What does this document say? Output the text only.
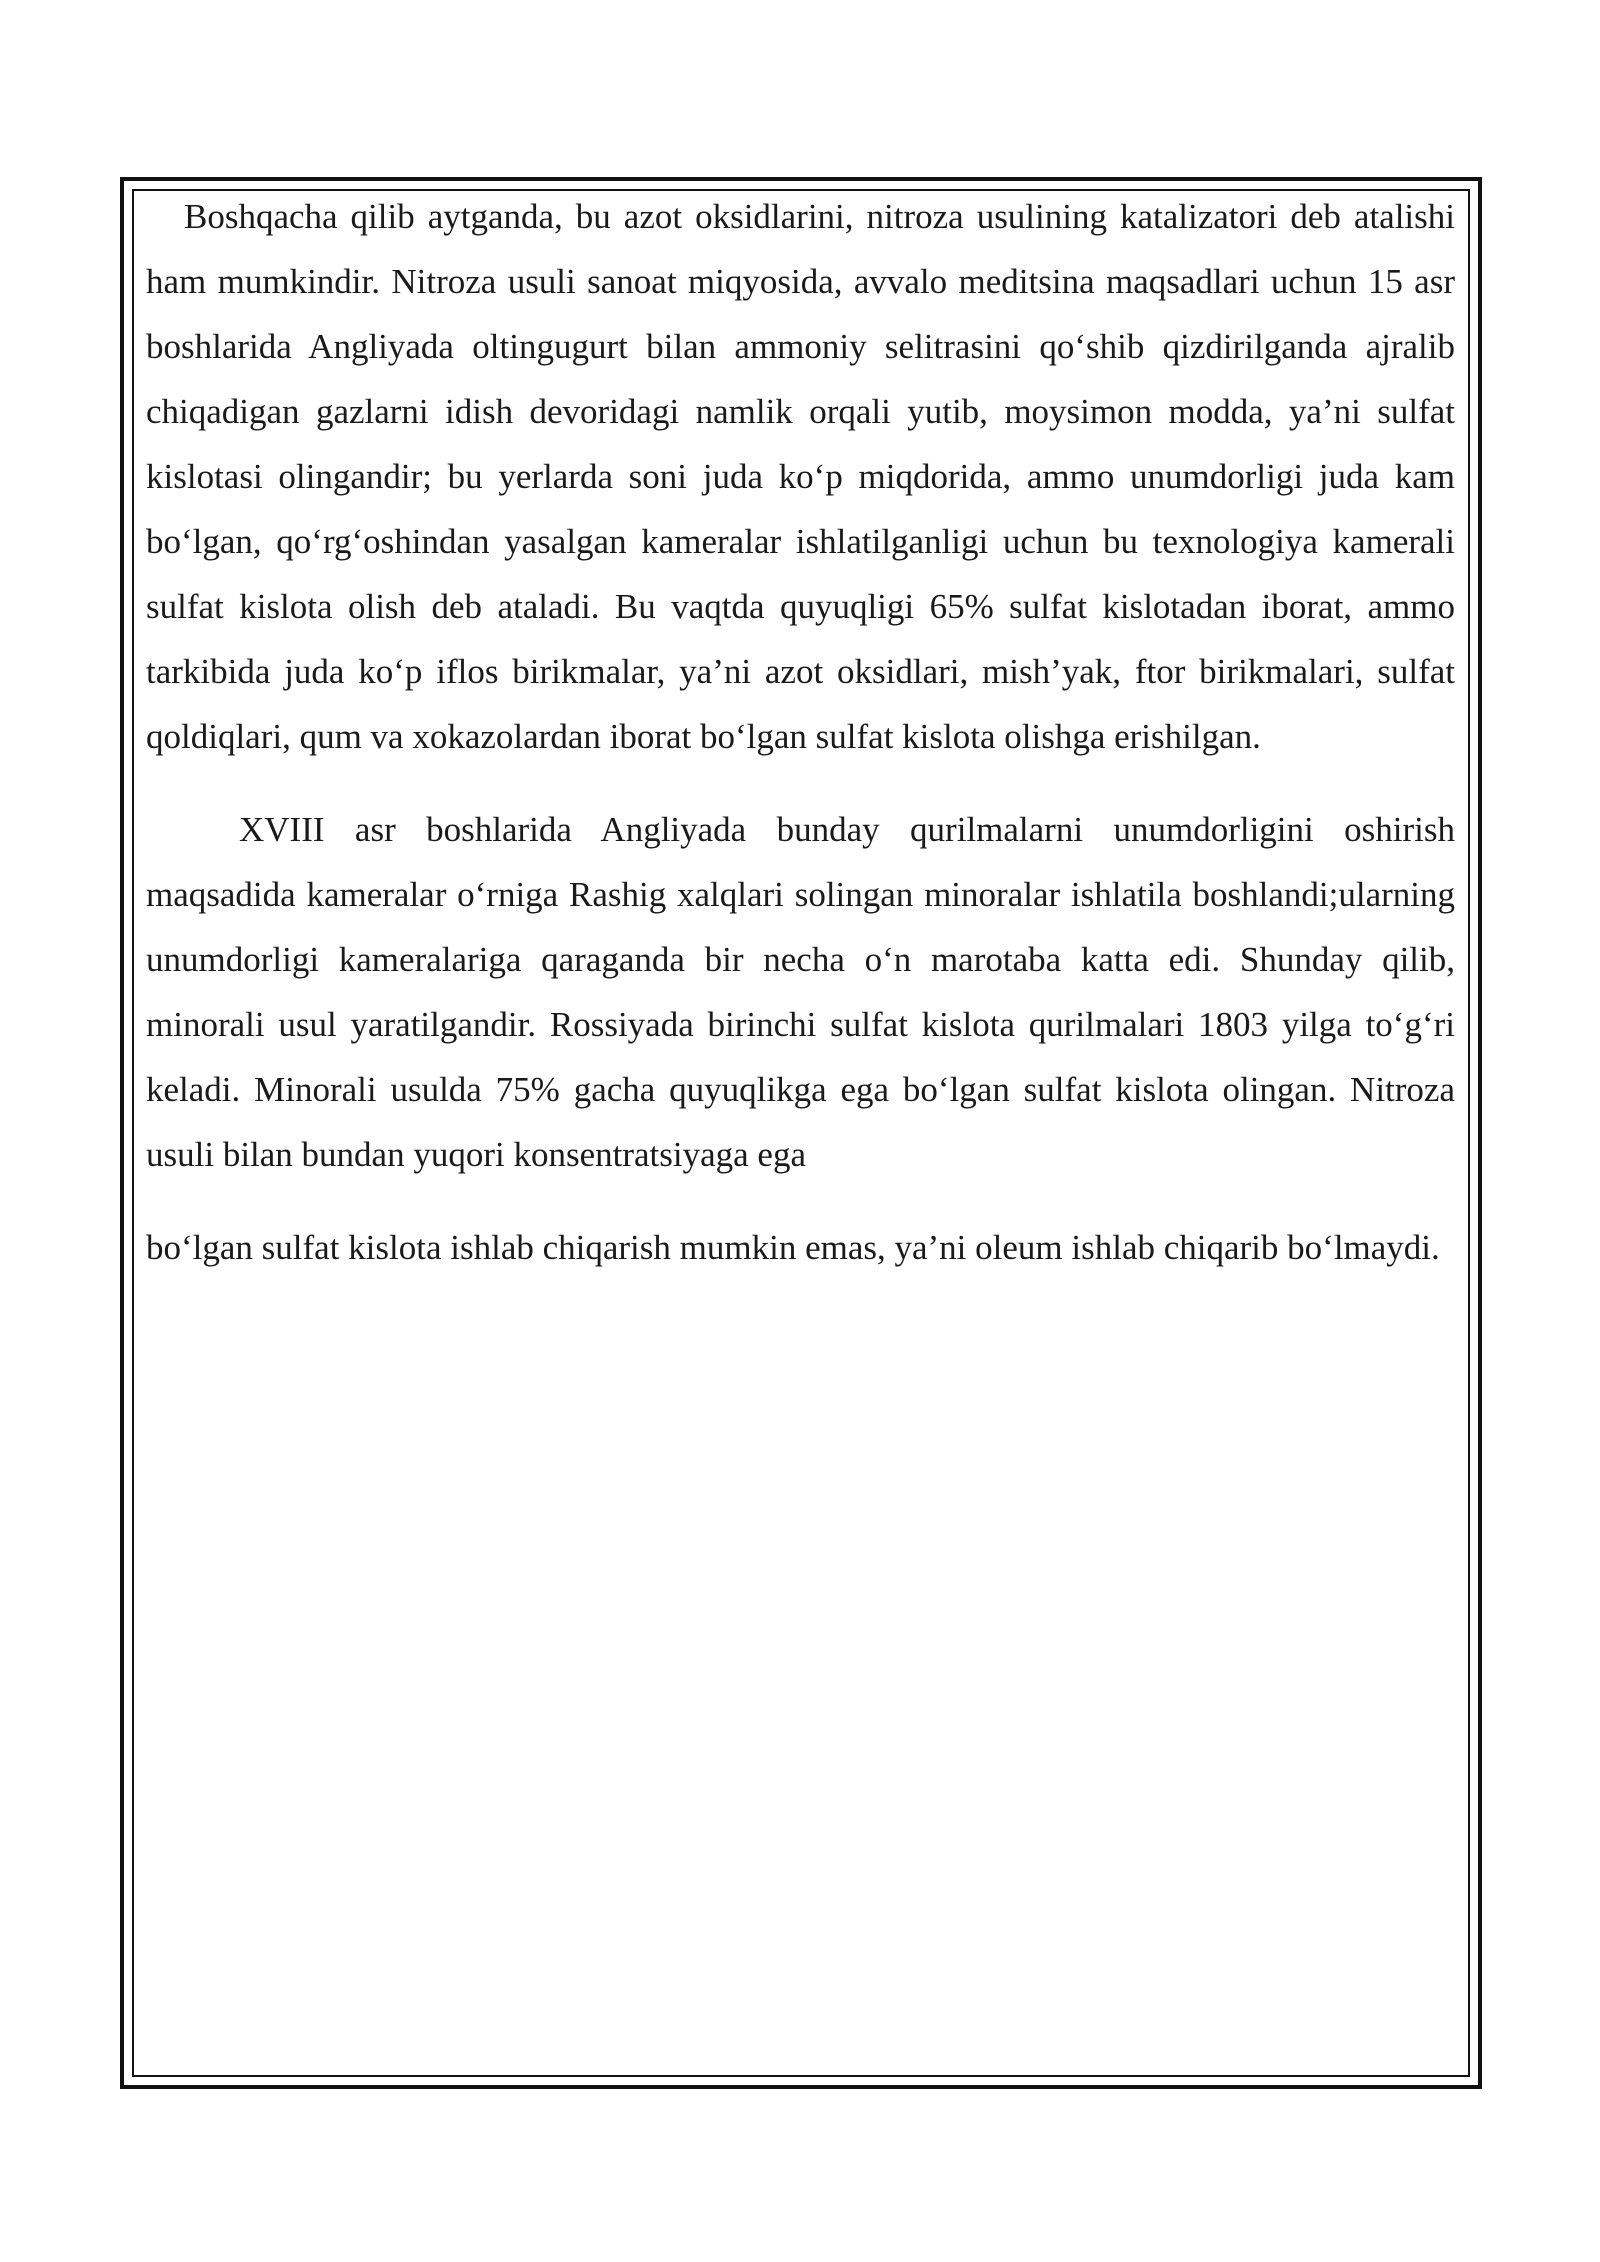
Boshqacha qilib aytganda, bu azot oksidlarini, nitroza usulining katalizatori deb atalishi ham mumkindir. Nitroza usuli sanoat miqyosida, avvalo meditsina maqsadlari uchun 15 asr boshlarida Angliyada oltingugurt bilan ammoniy selitrasini qo‘shib qizdirilganda ajralib chiqadigan gazlarni idish devoridagi namlik orqali yutib, moysimon modda, ya’ni sulfat kislotasi olingandir; bu yerlarda soni juda ko‘p miqdorida, ammo unumdorligi juda kam bo‘lgan, qo‘rg‘oshindan yasalgan kameralar ishlatilganligi uchun bu texnologiya kamerali sulfat kislota olish deb ataladi. Bu vaqtda quyuqligi 65% sulfat kislotadan iborat, ammo tarkibida juda ko‘p iflos birikmalar, ya’ni azot oksidlari, mish’yak, ftor birikmalari, sulfat qoldiqlari, qum va xokazolardan iborat bo‘lgan sulfat kislota olishga erishilgan.

XVIII asr boshlarida Angliyada bunday qurilmalarni unumdorligini oshirish maqsadida kameralar o‘rniga Rashig xalqlari solingan minoralar ishlatila boshlandi;ularning unumdorligi kameralariga qaraganda bir necha o‘n marotaba katta edi. Shunday qilib, minorali usul yaratilgandir. Rossiyada birinchi sulfat kislota qurilmalari 1803 yilga to‘g‘ri keladi. Minorali usulda 75% gacha quyuqlikga ega bo‘lgan sulfat kislota olingan. Nitroza usuli bilan bundan yuqori konsentratsiyaga ega

bo‘lgan sulfat kislota ishlab chiqarish mumkin emas, ya’ni oleum ishlab chiqarib bo‘lmaydi.
